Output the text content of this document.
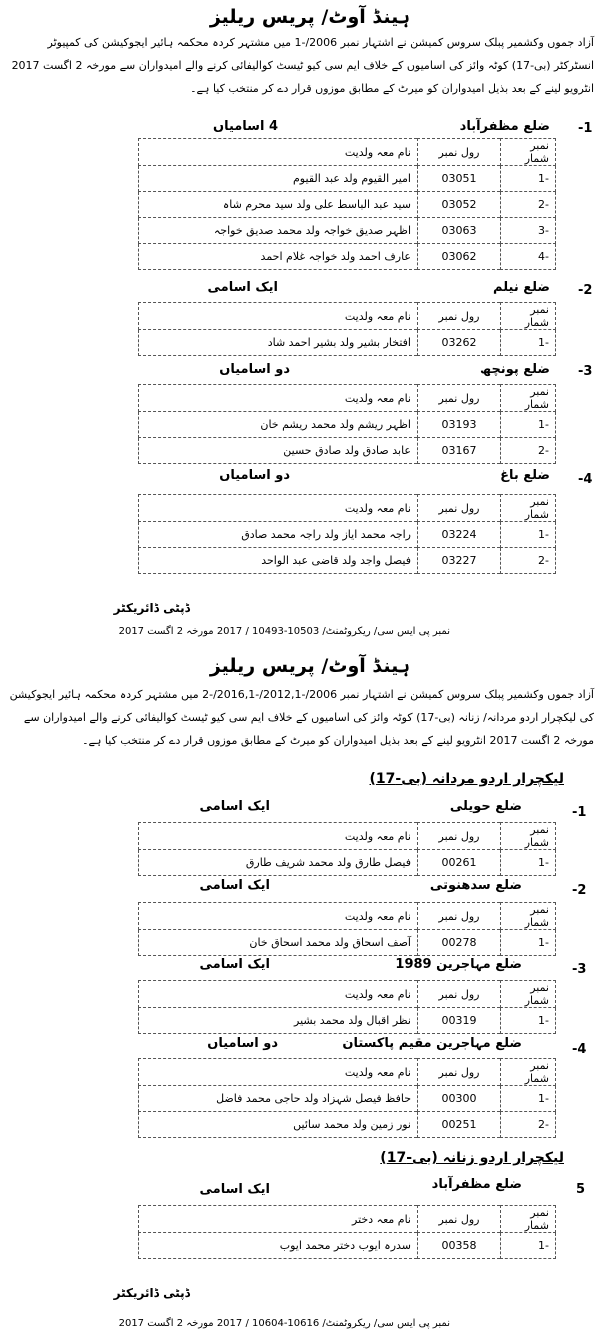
ہینڈ آوٹ/ پریس ریلیز
آزاد جموں وکشمیر پبلک سروس کمیشن نے اشتہار نمبر 2006/-1 میں مشتہر کردہ محکمہ ہائیر ایجوکیشن کی کمپیوٹر انسٹرکٹر (بی-17) کوٹہ وائز کی اسامیوں کے خلاف ایم سی کیو ٹیسٹ کوالیفائی کرنے والے امیدواران سے مورخہ 2 اگست 2017 انٹرویو لینے کے بعد بذیل امیدواران کو میرٹ کے مطابق موزوں قرار دے کر منتخب کیا ہے۔
-1
ضلع مظفرآباد
4 اسامیاں
نمبر شمار	رول نمبر	نام معہ ولدیت
-1	03051	امیر القیوم ولد عبد القیوم
-2	03052	سید عبد الباسط علی ولد سید محرم شاہ
-3	03063	اظہر صدیق خواجہ ولد محمد صدیق خواجہ
-4	03062	عارف احمد ولد خواجہ غلام احمد
-2
ضلع نیلم
ایک اسامی
نمبر شمار	رول نمبر	نام معہ ولدیت
-1	03262	افتخار بشیر ولد بشیر احمد شاد
-3
ضلع پونچھ
دو اسامیاں
نمبر شمار	رول نمبر	نام معہ ولدیت
-1	03193	اظہر ریشم ولد محمد ریشم خان
-2	03167	عابد صادق ولد صادق حسین
-4
ضلع باغ
دو اسامیاں
نمبر شمار	رول نمبر	نام معہ ولدیت
-1	03224	راجہ محمد ایاز ولد راجہ محمد صادق
-2	03227	فیصل واجد ولد قاضی عبد الواحد
ڈپٹی ڈائریکٹر
نمبر پی ایس سی/ ریکروٹمنٹ/ 10503-10493 / 2017 مورخہ 2 اگست 2017
ہینڈ آوٹ/ پریس ریلیز
آزاد جموں وکشمیر پبلک سروس کمیشن نے اشتہار نمبر 2006/-2012,1/-2016,1/-2 میں مشتہر کردہ محکمہ ہائیر ایجوکیشن کی لیکچرار اردو مردانہ/ زنانہ (بی-17) کوٹہ وائز کی اسامیوں کے خلاف ایم سی کیو ٹیسٹ کوالیفائی کرنے والے امیدواران سے مورخہ 2 اگست 2017 انٹرویو لینے کے بعد بذیل امیدواران کو میرٹ کے مطابق موزوں قرار دے کر منتخب کیا ہے۔
لیکچرار اردو مردانہ (بی-17)
-1
ضلع حویلی
ایک اسامی
نمبر شمار	رول نمبر	نام معہ ولدیت
-1	00261	فیصل طارق ولد محمد شریف طارق
-2
ضلع سدھنوتی
ایک اسامی
نمبر شمار	رول نمبر	نام معہ ولدیت
-1	00278	آصف اسحاق ولد محمد اسحاق خان
-3
ضلع مہاجرین 1989
ایک اسامی
نمبر شمار	رول نمبر	نام معہ ولدیت
-1	00319	نظر اقبال ولد محمد بشیر
-4
ضلع مہاجرین مقیم پاکستان
دو اسامیاں
نمبر شمار	رول نمبر	نام معہ ولدیت
-1	00300	حافظ فیصل شہزاد ولد حاجی محمد فاضل
-2	00251	نور زمین ولد محمد سائیں
لیکچرار اردو زنانہ (بی-17)
5
ضلع مظفرآباد
ایک اسامی
نمبر شمار	رول نمبر	نام معہ دختر
-1	00358	سدرہ ایوب دختر محمد ایوب
ڈپٹی ڈائریکٹر
نمبر پی ایس سی/ ریکروٹمنٹ/ 10616-10604 / 2017 مورخہ 2 اگست 2017
